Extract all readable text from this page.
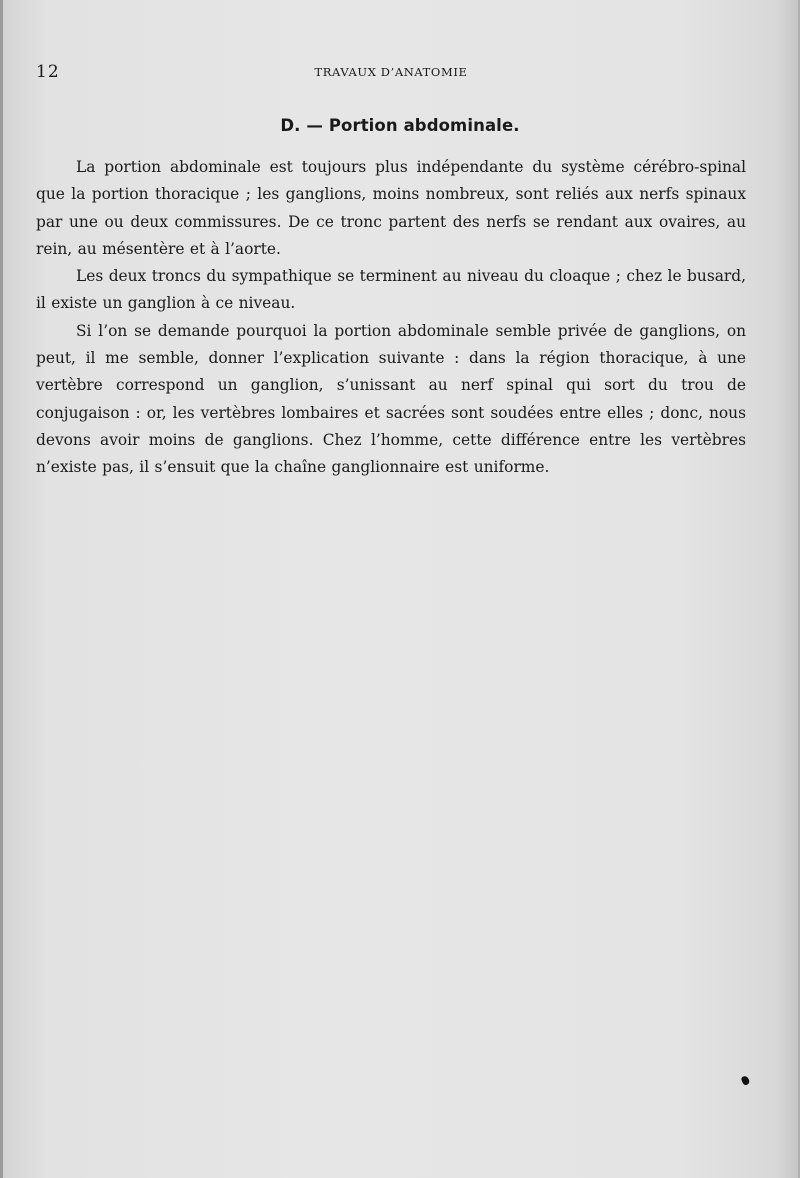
12	TRAVAUX D’ANATOMIE
D. — Portion abdominale.

La portion abdominale est toujours plus indépendante du système cérébro-spinal que la portion thoracique ; les ganglions, moins nombreux, sont reliés aux nerfs spinaux par une ou deux commissures. De ce tronc partent des nerfs se rendant aux ovaires, au rein, au mésentère et à l’aorte.

Les deux troncs du sympathique se terminent au niveau du cloaque ; chez le busard, il existe un ganglion à ce niveau.

Si l’on se demande pourquoi la portion abdominale semble privée de ganglions, on peut, il me semble, donner l’explication suivante : dans la région thoracique, à une vertèbre correspond un ganglion, s’unissant au nerf spinal qui sort du trou de conjugaison : or, les vertèbres lombaires et sacrées sont soudées entre elles ; donc, nous devons avoir moins de ganglions. Chez l’homme, cette différence entre les vertèbres n’existe pas, il s’ensuit que la chaîne ganglionnaire est uniforme.
